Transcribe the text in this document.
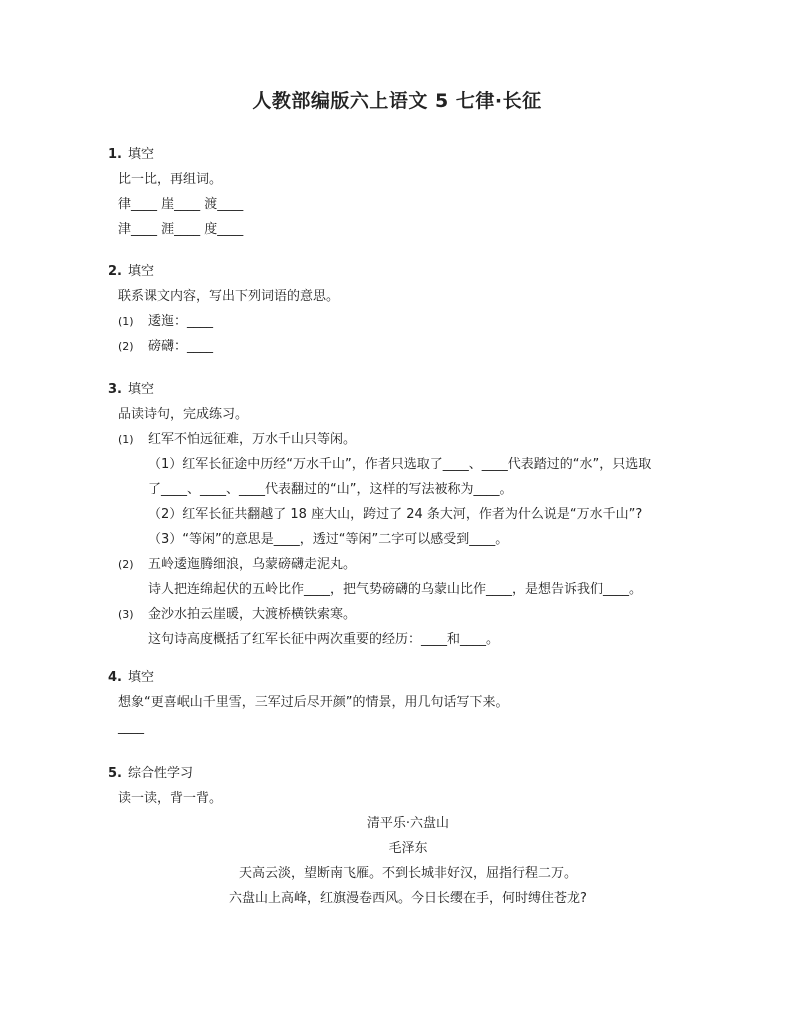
人教部编版六上语文 5 七律·长征
1. 填空
比一比，再组词。
律____ 崖____ 渡____
津____ 涯____ 度____
2. 填空
联系课文内容，写出下列词语的意思。
(1) 逶迤：____
(2) 磅礴：____
3. 填空
品读诗句，完成练习。
(1) 红军不怕远征难，万水千山只等闲。
（1）红军长征途中历经“万水千山”，作者只选取了____、____代表踏过的“水”，只选取
了____、____、____代表翻过的“山”，这样的写法被称为____。
（2）红军长征共翻越了 18 座大山，跨过了 24 条大河，作者为什么说是“万水千山”?
（3）“等闲”的意思是____，透过“等闲”二字可以感受到____。
(2) 五岭逶迤腾细浪，乌蒙磅礴走泥丸。
诗人把连绵起伏的五岭比作____，把气势磅礴的乌蒙山比作____，是想告诉我们____。
(3) 金沙水拍云崖暖，大渡桥横铁索寒。
这句诗高度概括了红军长征中两次重要的经历：____和____。
4. 填空
想象“更喜岷山千里雪，三军过后尽开颜”的情景，用几句话写下来。
____
5. 综合性学习
读一读，背一背。
清平乐·六盘山
毛泽东
天高云淡，望断南飞雁。不到长城非好汉，屈指行程二万。
六盘山上高峰，红旗漫卷西风。今日长缨在手，何时缚住苍龙?
